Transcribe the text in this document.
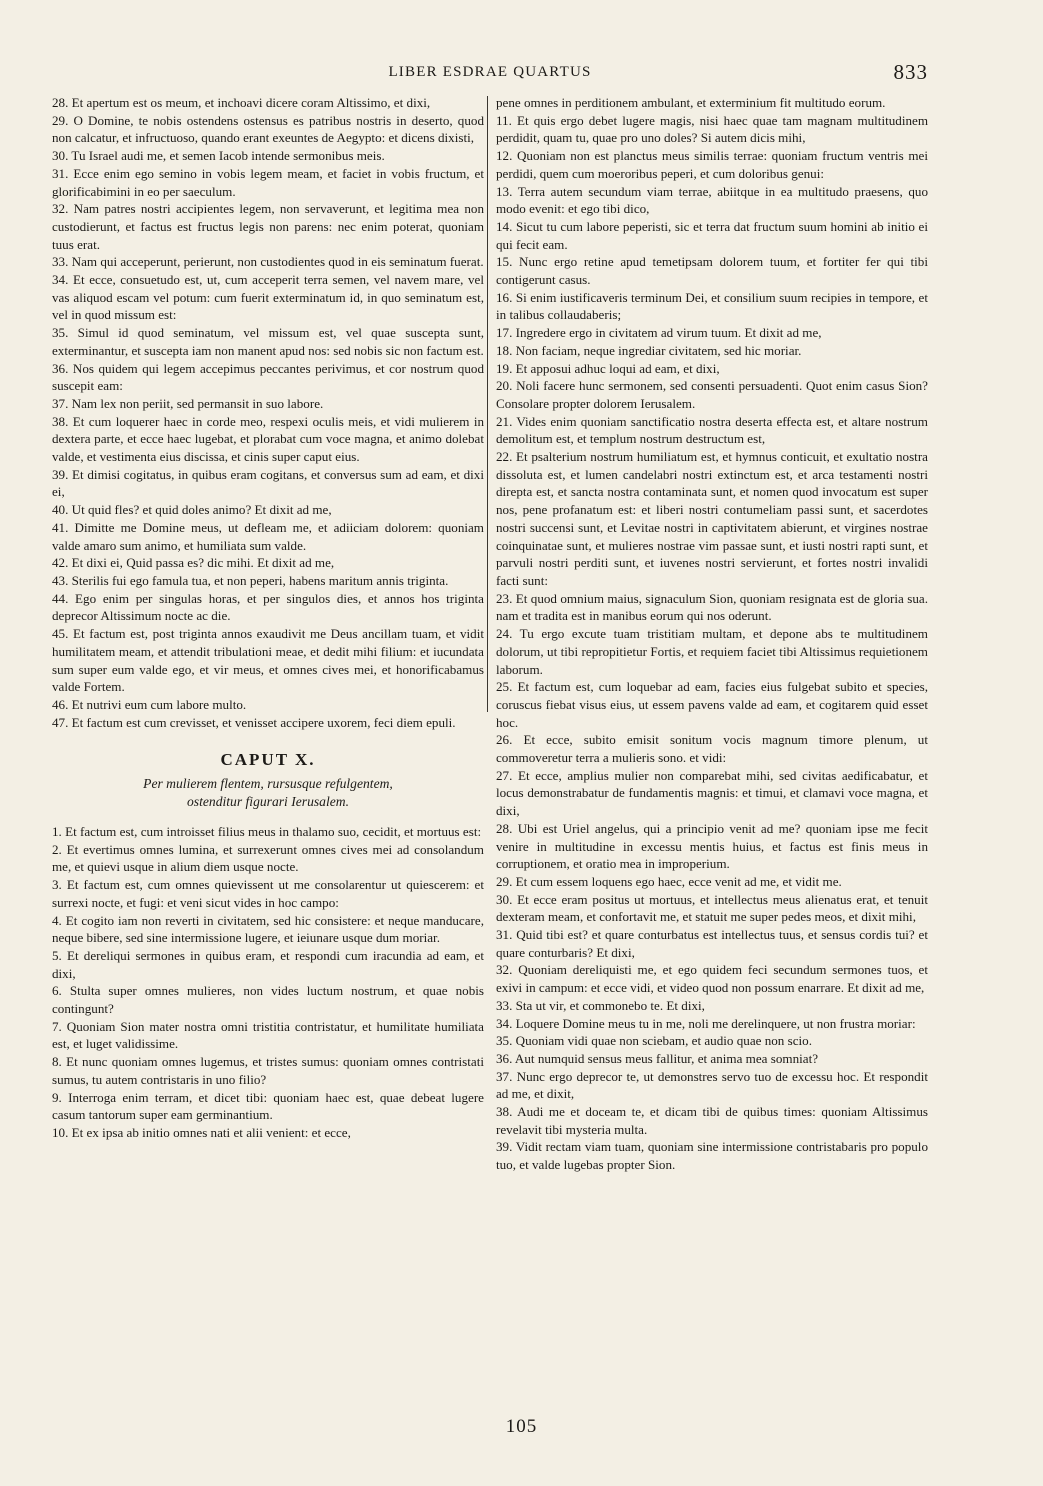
LIBER ESDRAE QUARTUS	833

28. Et apertum est os meum, et inchoavi dicere coram Altissimo, et dixi,

29. O Domine, te nobis ostendens ostensus es patribus nostris in deserto, quod non calcatur, et infructuoso, quando erant exeuntes de Aegypto: et dicens dixisti,

30. Tu Israel audi me, et semen Iacob intende sermonibus meis.

31. Ecce enim ego semino in vobis legem meam, et faciet in vobis fructum, et glorificabimini in eo per saeculum.

32. Nam patres nostri accipientes legem, non servaverunt, et legitima mea non custodierunt, et factus est fructus legis non parens: nec enim poterat, quoniam tuus erat.

33. Nam qui acceperunt, perierunt, non custodientes quod in eis seminatum fuerat.

34. Et ecce, consuetudo est, ut, cum acceperit terra semen, vel navem mare, vel vas aliquod escam vel potum: cum fuerit exterminatum id, in quo seminatum est, vel in quod missum est:

35. Simul id quod seminatum, vel missum est, vel quae suscepta sunt, exterminantur, et suscepta iam non manent apud nos: sed nobis sic non factum est.

36. Nos quidem qui legem accepimus peccantes perivimus, et cor nostrum quod suscepit eam:

37. Nam lex non periit, sed permansit in suo labore.

38. Et cum loquerer haec in corde meo, respexi oculis meis, et vidi mulierem in dextera parte, et ecce haec lugebat, et plorabat cum voce magna, et animo dolebat valde, et vestimenta eius discissa, et cinis super caput eius.

39. Et dimisi cogitatus, in quibus eram cogitans, et conversus sum ad eam, et dixi ei,

40. Ut quid fles? et quid doles animo? Et dixit ad me,

41. Dimitte me Domine meus, ut defleam me, et adiiciam dolorem: quoniam valde amaro sum animo, et humiliata sum valde.

42. Et dixi ei, Quid passa es? dic mihi. Et dixit ad me,

43. Sterilis fui ego famula tua, et non peperi, habens maritum annis triginta.

44. Ego enim per singulas horas, et per singulos dies, et annos hos triginta deprecor Altissimum nocte ac die.

45. Et factum est, post triginta annos exaudivit me Deus ancillam tuam, et vidit humilitatem meam, et attendit tribulationi meae, et dedit mihi filium: et iucundata sum super eum valde ego, et vir meus, et omnes cives mei, et honorificabamus valde Fortem.

46. Et nutrivi eum cum labore multo.

47. Et factum est cum crevisset, et venisset accipere uxorem, feci diem epuli.

CAPUT X.
Per mulierem flentem, rursusque refulgentem,
ostenditur figurari Ierusalem.

1. Et factum est, cum introisset filius meus in thalamo suo, cecidit, et mortuus est:

2. Et evertimus omnes lumina, et surrexerunt omnes cives mei ad consolandum me, et quievi usque in alium diem usque nocte.

3. Et factum est, cum omnes quievissent ut me consolarentur ut quiescerem: et surrexi nocte, et fugi: et veni sicut vides in hoc campo:

4. Et cogito iam non reverti in civitatem, sed hic consistere: et neque manducare, neque bibere, sed sine intermissione lugere, et ieiunare usque dum moriar.

5. Et dereliqui sermones in quibus eram, et respondi cum iracundia ad eam, et dixi,

6. Stulta super omnes mulieres, non vides luctum nostrum, et quae nobis contingunt?

7. Quoniam Sion mater nostra omni tristitia contristatur, et humilitate humiliata est, et luget validissime.

8. Et nunc quoniam omnes lugemus, et tristes sumus: quoniam omnes contristati sumus, tu autem contristaris in uno filio?

9. Interroga enim terram, et dicet tibi: quoniam haec est, quae debeat lugere casum tantorum super eam germinantium.

10. Et ex ipsa ab initio omnes nati et alii venient: et ecce,

pene omnes in perditionem ambulant, et exterminium fit multitudo eorum.

11. Et quis ergo debet lugere magis, nisi haec quae tam magnam multitudinem perdidit, quam tu, quae pro uno doles? Si autem dicis mihi,

12. Quoniam non est planctus meus similis terrae: quoniam fructum ventris mei perdidi, quem cum moeroribus peperi, et cum doloribus genui:

13. Terra autem secundum viam terrae, abiitque in ea multitudo praesens, quo modo evenit: et ego tibi dico,

14. Sicut tu cum labore peperisti, sic et terra dat fructum suum homini ab initio ei qui fecit eam.

15. Nunc ergo retine apud temetipsam dolorem tuum, et fortiter fer qui tibi contigerunt casus.

16. Si enim iustificaveris terminum Dei, et consilium suum recipies in tempore, et in talibus collaudaberis;

17. Ingredere ergo in civitatem ad virum tuum. Et dixit ad me,

18. Non faciam, neque ingrediar civitatem, sed hic moriar.

19. Et apposui adhuc loqui ad eam, et dixi,

20. Noli facere hunc sermonem, sed consenti persuadenti. Quot enim casus Sion? Consolare propter dolorem Ierusalem.

21. Vides enim quoniam sanctificatio nostra deserta effecta est, et altare nostrum demolitum est, et templum nostrum destructum est,

22. Et psalterium nostrum humiliatum est, et hymnus conticuit, et exultatio nostra dissoluta est, et lumen candelabri nostri extinctum est, et arca testamenti nostri direpta est, et sancta nostra contaminata sunt, et nomen quod invocatum est super nos, pene profanatum est: et liberi nostri contumeliam passi sunt, et sacerdotes nostri succensi sunt, et Levitae nostri in captivitatem abierunt, et virgines nostrae coinquinatae sunt, et mulieres nostrae vim passae sunt, et iusti nostri rapti sunt, et parvuli nostri perditi sunt, et iuvenes nostri servierunt, et fortes nostri invalidi facti sunt:

23. Et quod omnium maius, signaculum Sion, quoniam resignata est de gloria sua. nam et tradita est in manibus eorum qui nos oderunt.

24. Tu ergo excute tuam tristitiam multam, et depone abs te multitudinem dolorum, ut tibi repropitietur Fortis, et requiem faciet tibi Altissimus requietionem laborum.

25. Et factum est, cum loquebar ad eam, facies eius fulgebat subito et species, coruscus fiebat visus eius, ut essem pavens valde ad eam, et cogitarem quid esset hoc.

26. Et ecce, subito emisit sonitum vocis magnum timore plenum, ut commoveretur terra a mulieris sono. et vidi:

27. Et ecce, amplius mulier non comparebat mihi, sed civitas aedificabatur, et locus demonstrabatur de fundamentis magnis: et timui, et clamavi voce magna, et dixi,

28. Ubi est Uriel angelus, qui a principio venit ad me? quoniam ipse me fecit venire in multitudine in excessu mentis huius, et factus est finis meus in corruptionem, et oratio mea in improperium.

29. Et cum essem loquens ego haec, ecce venit ad me, et vidit me.

30. Et ecce eram positus ut mortuus, et intellectus meus alienatus erat, et tenuit dexteram meam, et confortavit me, et statuit me super pedes meos, et dixit mihi,

31. Quid tibi est? et quare conturbatus est intellectus tuus, et sensus cordis tui? et quare conturbaris? Et dixi,

32. Quoniam dereliquisti me, et ego quidem feci secundum sermones tuos, et exivi in campum: et ecce vidi, et video quod non possum enarrare. Et dixit ad me,

33. Sta ut vir, et commonebo te. Et dixi,

34. Loquere Domine meus tu in me, noli me derelinquere, ut non frustra moriar:

35. Quoniam vidi quae non sciebam, et audio quae non scio.

36. Aut numquid sensus meus fallitur, et anima mea somniat?

37. Nunc ergo deprecor te, ut demonstres servo tuo de excessu hoc. Et respondit ad me, et dixit,

38. Audi me et doceam te, et dicam tibi de quibus times: quoniam Altissimus revelavit tibi mysteria multa.

39. Vidit rectam viam tuam, quoniam sine intermissione contristabaris pro populo tuo, et valde lugebas propter Sion.

105
